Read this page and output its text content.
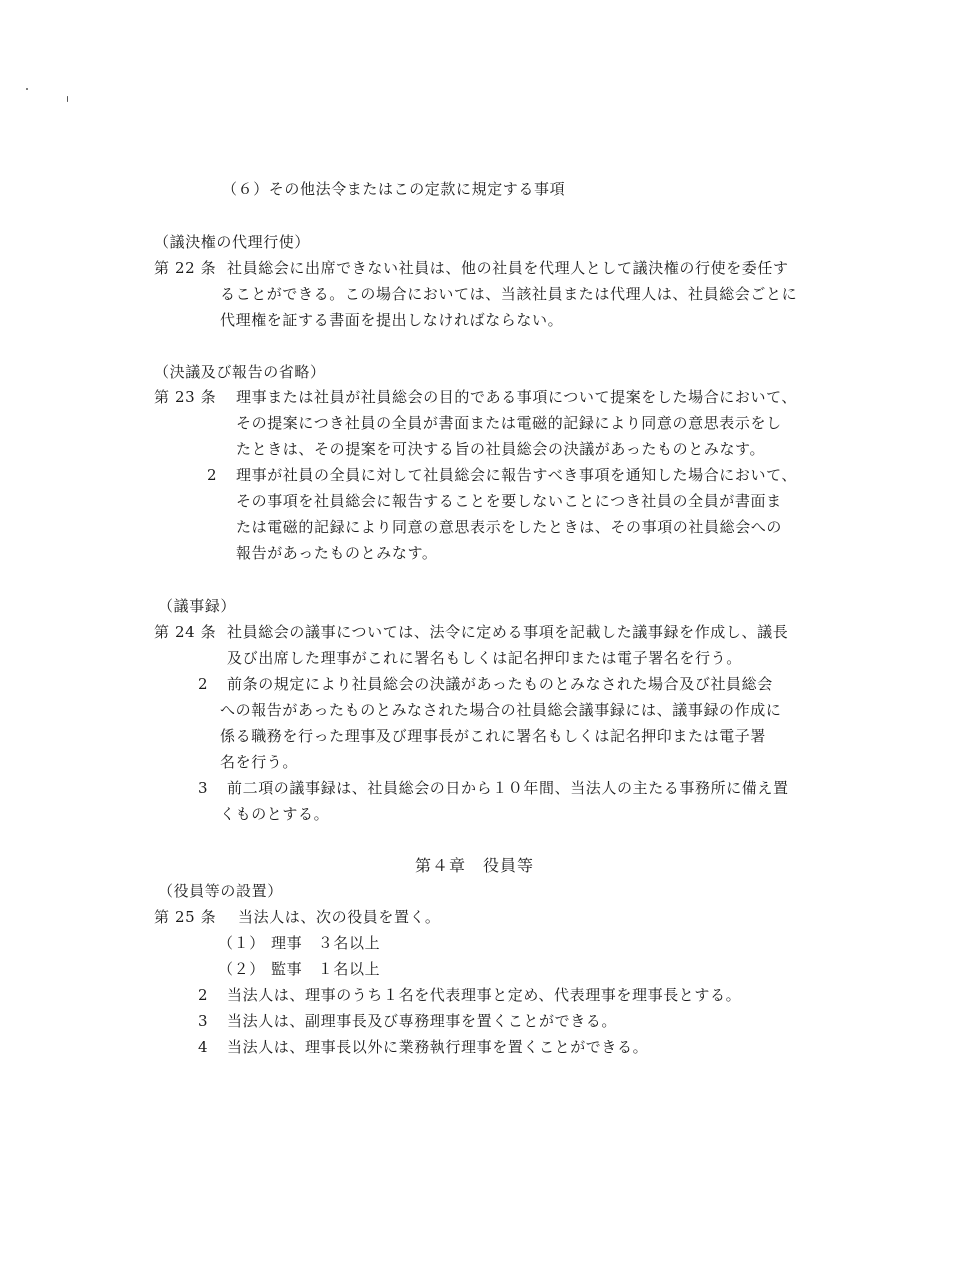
（６）その他法令またはこの定款に規定する事項
（議決権の代理行使）
第 22 条 社員総会に出席できない社員は、他の社員を代理人として議決権の行使を委任す
ることができる。この場合においては、当該社員または代理人は、社員総会ごとに
代理権を証する書面を提出しなければならない。
（決議及び報告の省略）
第 23 条 理事または社員が社員総会の目的である事項について提案をした場合において、
その提案につき社員の全員が書面または電磁的記録により同意の意思表示をし
たときは、その提案を可決する旨の社員総会の決議があったものとみなす。
2 理事が社員の全員に対して社員総会に報告すべき事項を通知した場合において、
その事項を社員総会に報告することを要しないことにつき社員の全員が書面ま
たは電磁的記録により同意の意思表示をしたときは、その事項の社員総会への
報告があったものとみなす。
（議事録）
第 24 条 社員総会の議事については、法令に定める事項を記載した議事録を作成し、議長
及び出席した理事がこれに署名もしくは記名押印または電子署名を行う。
2 前条の規定により社員総会の決議があったものとみなされた場合及び社員総会
への報告があったものとみなされた場合の社員総会議事録には、議事録の作成に
係る職務を行った理事及び理事長がこれに署名もしくは記名押印または電子署
名を行う。
3 前二項の議事録は、社員総会の日から１０年間、当法人の主たる事務所に備え置
くものとする。
第４章　役員等
（役員等の設置）
第 25 条 当法人は、次の役員を置く。
（１） 理事　３名以上
（２） 監事　１名以上
2 当法人は、理事のうち１名を代表理事と定め、代表理事を理事長とする。
3 当法人は、副理事長及び専務理事を置くことができる。
4 当法人は、理事長以外に業務執行理事を置くことができる。
